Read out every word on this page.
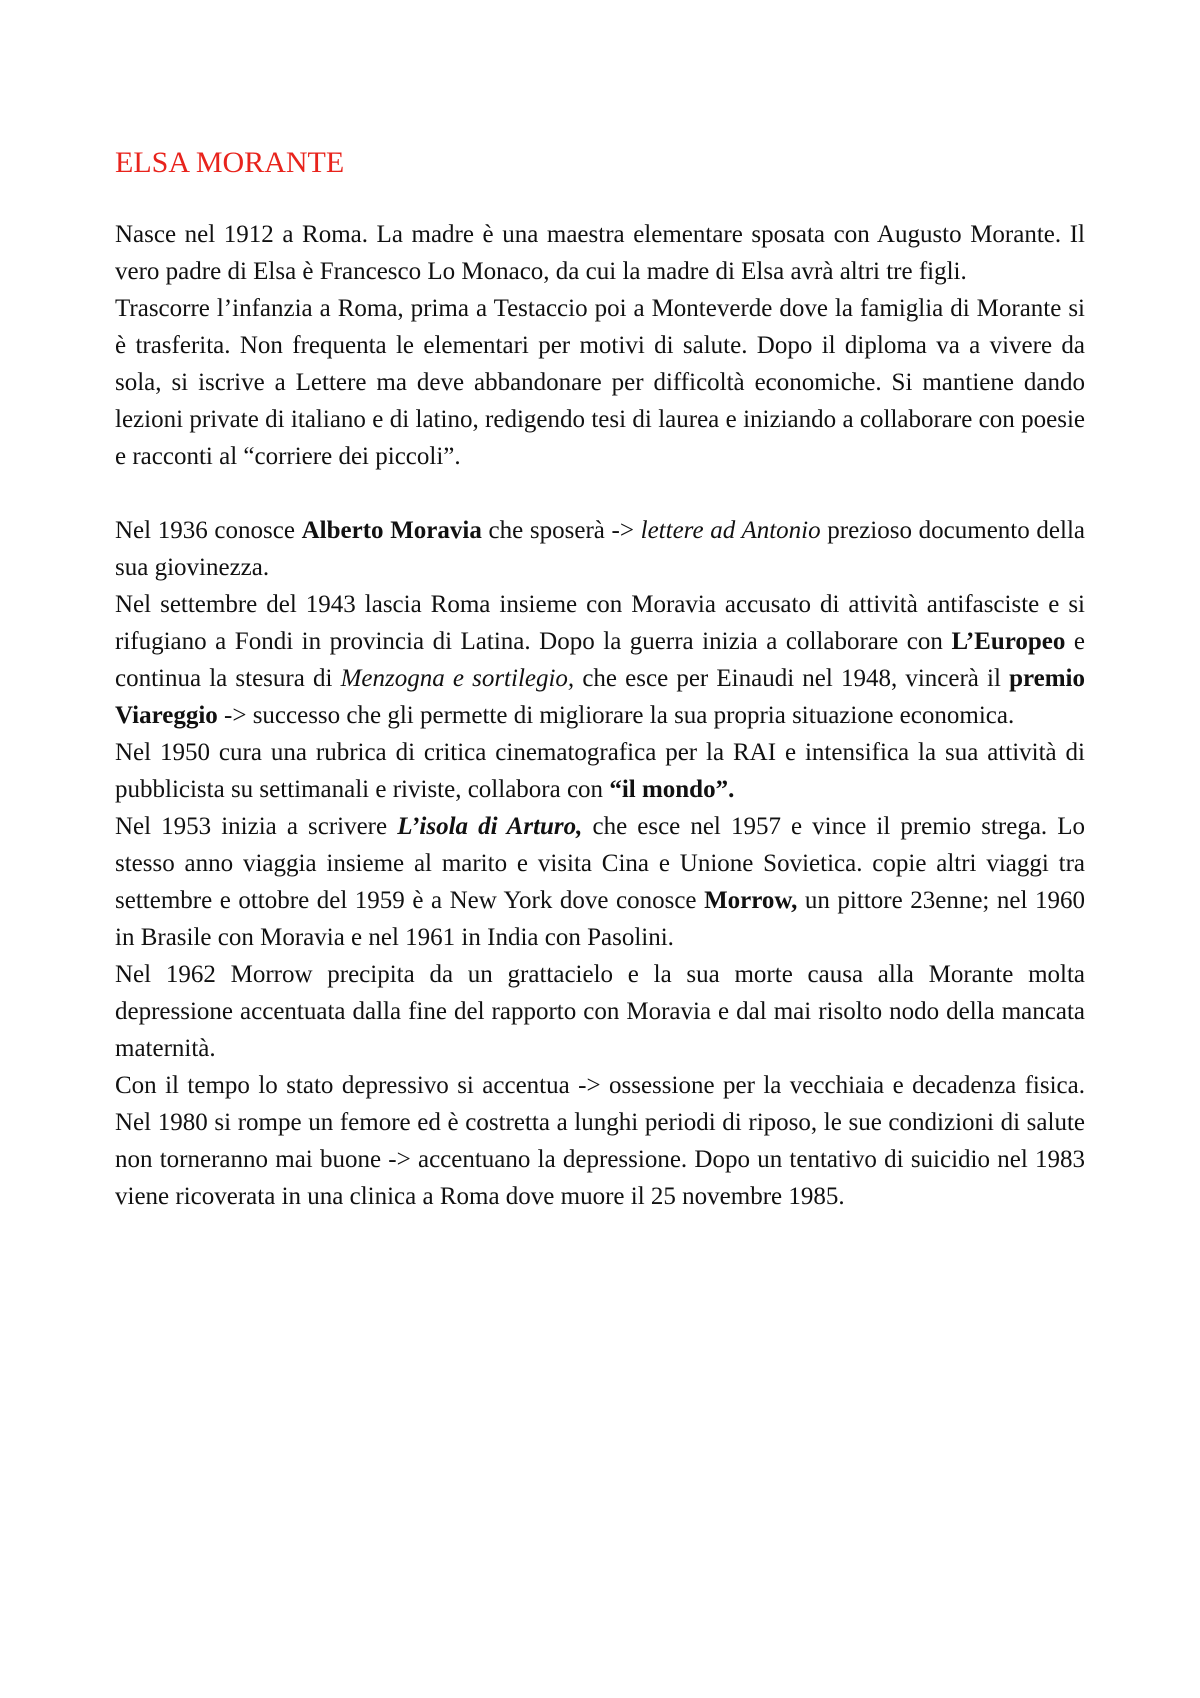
ELSA MORANTE

Nasce nel 1912 a Roma. La madre è una maestra elementare sposata con Augusto Morante. Il vero padre di Elsa è Francesco Lo Monaco, da cui la madre di Elsa avrà altri tre figli.

Trascorre l’infanzia a Roma, prima a Testaccio poi a Monteverde dove la famiglia di Morante si è trasferita. Non frequenta le elementari per motivi di salute. Dopo il diploma va a vivere da sola, si iscrive a Lettere ma deve abbandonare per difficoltà economiche. Si mantiene dando lezioni private di italiano e di latino, redigendo tesi di laurea e iniziando a collaborare con poesie e racconti al “corriere dei piccoli”.

Nel 1936 conosce Alberto Moravia che sposerà -> lettere ad Antonio prezioso documento della sua giovinezza.

Nel settembre del 1943 lascia Roma insieme con Moravia accusato di attività antifasciste e si rifugiano a Fondi in provincia di Latina. Dopo la guerra inizia a collaborare con L’Europeo e continua la stesura di Menzogna e sortilegio, che esce per Einaudi nel 1948, vincerà il premio Viareggio -> successo che gli permette di migliorare la sua propria situazione economica.

Nel 1950 cura una rubrica di critica cinematografica per la RAI e intensifica la sua attività di pubblicista su settimanali e riviste, collabora con “il mondo”.

Nel 1953 inizia a scrivere L’isola di Arturo, che esce nel 1957 e vince il premio strega. Lo stesso anno viaggia insieme al marito e visita Cina e Unione Sovietica. copie altri viaggi tra settembre e ottobre del 1959 è a New York dove conosce Morrow, un pittore 23enne; nel 1960 in Brasile con Moravia e nel 1961 in India con Pasolini.

Nel 1962 Morrow precipita da un grattacielo e la sua morte causa alla Morante molta depressione accentuata dalla fine del rapporto con Moravia e dal mai risolto nodo della mancata maternità.

Con il tempo lo stato depressivo si accentua -> ossessione per la vecchiaia e decadenza fisica. Nel 1980 si rompe un femore ed è costretta a lunghi periodi di riposo, le sue condizioni di salute non torneranno mai buone -> accentuano la depressione. Dopo un tentativo di suicidio nel 1983 viene ricoverata in una clinica a Roma dove muore il 25 novembre 1985.
